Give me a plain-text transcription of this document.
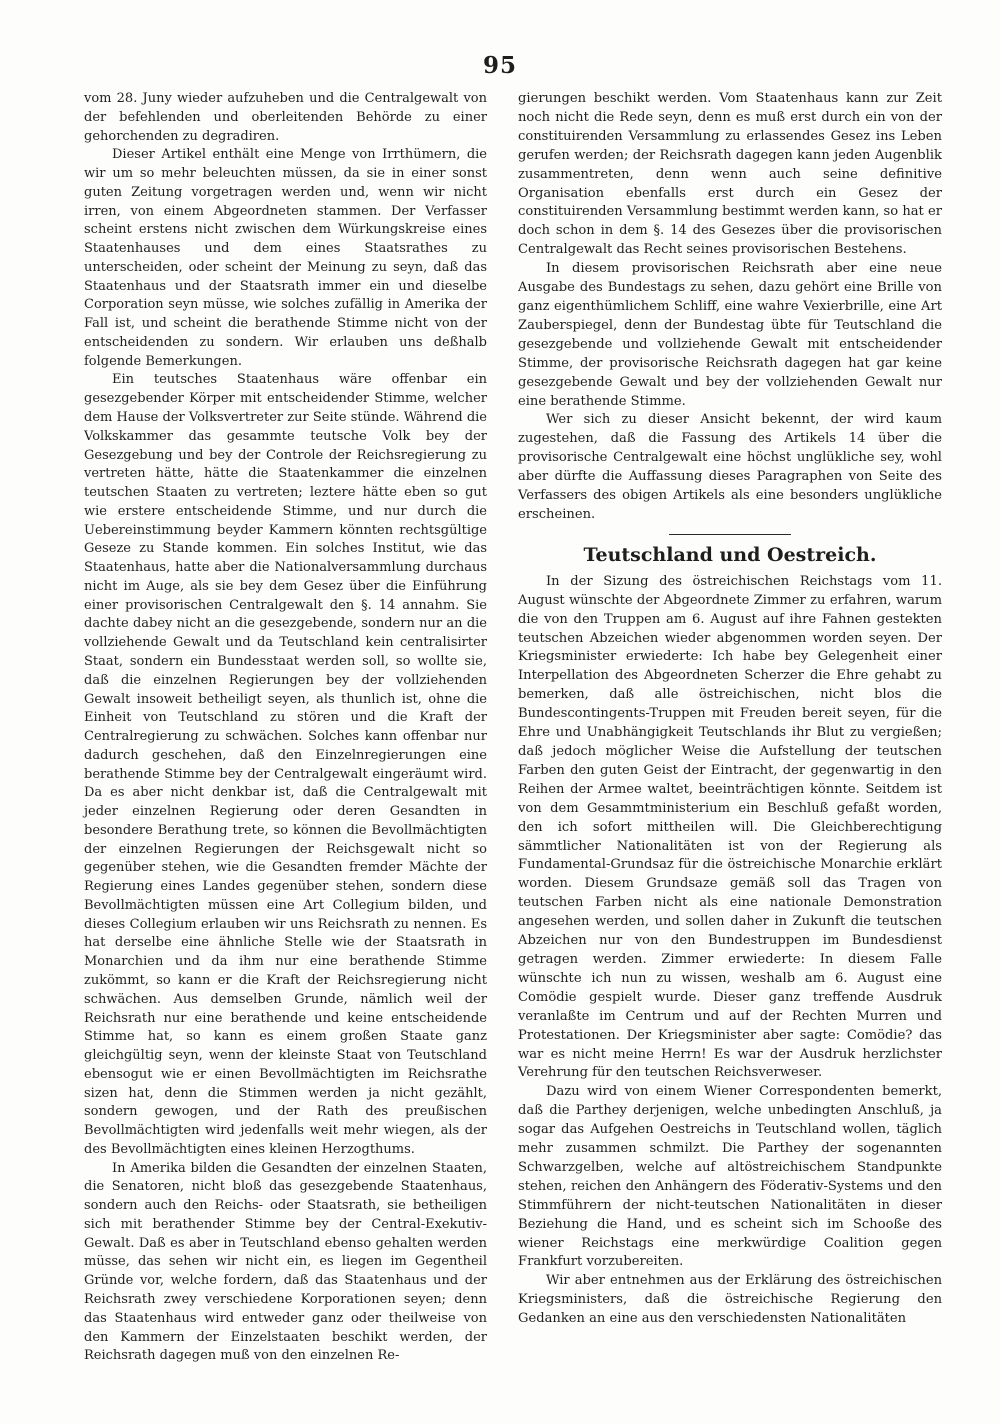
95

vom 28. Juny wieder aufzuheben und die Centralgewalt von der befehlenden und oberleitenden Behörde zu einer gehorchenden zu degradiren.

Dieser Artikel enthält eine Menge von Irrthümern, die wir um so mehr beleuchten müssen, da sie in einer sonst guten Zeitung vorgetragen werden und, wenn wir nicht irren, von einem Abgeordneten stammen. Der Verfasser scheint erstens nicht zwischen dem Würkungskreise eines Staatenhauses und dem eines Staatsrathes zu unterscheiden, oder scheint der Meinung zu seyn, daß das Staatenhaus und der Staatsrath immer ein und dieselbe Corporation seyn müsse, wie solches zufällig in Amerika der Fall ist, und scheint die berathende Stimme nicht von der entscheidenden zu sondern. Wir erlauben uns deßhalb folgende Bemerkungen.

Ein teutsches Staatenhaus wäre offenbar ein gesezgebender Körper mit entscheidender Stimme, welcher dem Hause der Volksvertreter zur Seite stünde. Während die Volkskammer das gesammte teutsche Volk bey der Gesezgebung und bey der Controle der Reichsregierung zu vertreten hätte, hätte die Staatenkammer die einzelnen teutschen Staaten zu vertreten; leztere hätte eben so gut wie erstere entscheidende Stimme, und nur durch die Uebereinstimmung beyder Kammern könnten rechtsgültige Geseze zu Stande kommen. Ein solches Institut, wie das Staatenhaus, hatte aber die Nationalversammlung durchaus nicht im Auge, als sie bey dem Gesez über die Einführung einer provisorischen Centralgewalt den §. 14 annahm. Sie dachte dabey nicht an die gesezgebende, sondern nur an die vollziehende Gewalt und da Teutschland kein centralisirter Staat, sondern ein Bundesstaat werden soll, so wollte sie, daß die einzelnen Regierungen bey der vollziehenden Gewalt insoweit betheiligt seyen, als thunlich ist, ohne die Einheit von Teutschland zu stören und die Kraft der Centralregierung zu schwächen. Solches kann offenbar nur dadurch geschehen, daß den Einzelnregierungen eine berathende Stimme bey der Centralgewalt eingeräumt wird. Da es aber nicht denkbar ist, daß die Centralgewalt mit jeder einzelnen Regierung oder deren Gesandten in besondere Berathung trete, so können die Bevollmächtigten der einzelnen Regierungen der Reichsgewalt nicht so gegenüber stehen, wie die Gesandten fremder Mächte der Regierung eines Landes gegenüber stehen, sondern diese Bevollmächtigten müssen eine Art Collegium bilden, und dieses Collegium erlauben wir uns Reichsrath zu nennen. Es hat derselbe eine ähnliche Stelle wie der Staatsrath in Monarchien und da ihm nur eine berathende Stimme zukömmt, so kann er die Kraft der Reichsregierung nicht schwächen. Aus demselben Grunde, nämlich weil der Reichsrath nur eine berathende und keine entscheidende Stimme hat, so kann es einem großen Staate ganz gleichgültig seyn, wenn der kleinste Staat von Teutschland ebensogut wie er einen Bevollmächtigten im Reichsrathe sizen hat, denn die Stimmen werden ja nicht gezählt, sondern gewogen, und der Rath des preußischen Bevollmächtigten wird jedenfalls weit mehr wiegen, als der des Bevollmächtigten eines kleinen Herzogthums.

In Amerika bilden die Gesandten der einzelnen Staaten, die Senatoren, nicht bloß das gesezgebende Staatenhaus, sondern auch den Reichs- oder Staatsrath, sie betheiligen sich mit berathender Stimme bey der Central-Exekutiv-Gewalt. Daß es aber in Teutschland ebenso gehalten werden müsse, das sehen wir nicht ein, es liegen im Gegentheil Gründe vor, welche fordern, daß das Staatenhaus und der Reichsrath zwey verschiedene Korporationen seyen; denn das Staatenhaus wird entweder ganz oder theilweise von den Kammern der Einzelstaaten beschikt werden, der Reichsrath dagegen muß von den einzelnen Re-

gierungen beschikt werden. Vom Staatenhaus kann zur Zeit noch nicht die Rede seyn, denn es muß erst durch ein von der constituirenden Versammlung zu erlassendes Gesez ins Leben gerufen werden; der Reichsrath dagegen kann jeden Augenblik zusammentreten, denn wenn auch seine definitive Organisation ebenfalls erst durch ein Gesez der constituirenden Versammlung bestimmt werden kann, so hat er doch schon in dem §. 14 des Gesezes über die provisorischen Centralgewalt das Recht seines provisorischen Bestehens.

In diesem provisorischen Reichsrath aber eine neue Ausgabe des Bundestags zu sehen, dazu gehört eine Brille von ganz eigenthümlichem Schliff, eine wahre Vexierbrille, eine Art Zauberspiegel, denn der Bundestag übte für Teutschland die gesezgebende und vollziehende Gewalt mit entscheidender Stimme, der provisorische Reichsrath dagegen hat gar keine gesezgebende Gewalt und bey der vollziehenden Gewalt nur eine berathende Stimme.

Wer sich zu dieser Ansicht bekennt, der wird kaum zugestehen, daß die Fassung des Artikels 14 über die provisorische Centralgewalt eine höchst unglükliche sey, wohl aber dürfte die Auffassung dieses Paragraphen von Seite des Verfassers des obigen Artikels als eine besonders unglükliche erscheinen.

Teutschland und Oestreich.

In der Sizung des östreichischen Reichstags vom 11. August wünschte der Abgeordnete Zimmer zu erfahren, warum die von den Truppen am 6. August auf ihre Fahnen gestekten teutschen Abzeichen wieder abgenommen worden seyen. Der Kriegsminister erwiederte: Ich habe bey Gelegenheit einer Interpellation des Abgeordneten Scherzer die Ehre gehabt zu bemerken, daß alle östreichischen, nicht blos die Bundescontingents-Truppen mit Freuden bereit seyen, für die Ehre und Unabhängigkeit Teutschlands ihr Blut zu vergießen; daß jedoch möglicher Weise die Aufstellung der teutschen Farben den guten Geist der Eintracht, der gegenwartig in den Reihen der Armee waltet, beeinträchtigen könnte. Seitdem ist von dem Gesammtministerium ein Beschluß gefaßt worden, den ich sofort mittheilen will. Die Gleichberechtigung sämmtlicher Nationalitäten ist von der Regierung als Fundamental-Grundsaz für die östreichische Monarchie erklärt worden. Diesem Grundsaze gemäß soll das Tragen von teutschen Farben nicht als eine nationale Demonstration angesehen werden, und sollen daher in Zukunft die teutschen Abzeichen nur von den Bundestruppen im Bundesdienst getragen werden. Zimmer erwiederte: In diesem Falle wünschte ich nun zu wissen, weshalb am 6. August eine Comödie gespielt wurde. Dieser ganz treffende Ausdruk veranlaßte im Centrum und auf der Rechten Murren und Protestationen. Der Kriegsminister aber sagte: Comödie? das war es nicht meine Herrn! Es war der Ausdruk herzlichster Verehrung für den teutschen Reichsverweser.

Dazu wird von einem Wiener Correspondenten bemerkt, daß die Parthey derjenigen, welche unbedingten Anschluß, ja sogar das Aufgehen Oestreichs in Teutschland wollen, täglich mehr zusammen schmilzt. Die Parthey der sogenannten Schwarzgelben, welche auf altöstreichischem Standpunkte stehen, reichen den Anhängern des Föderativ-Systems und den Stimmführern der nicht-teutschen Nationalitäten in dieser Beziehung die Hand, und es scheint sich im Schooße des wiener Reichstags eine merkwürdige Coalition gegen Frankfurt vorzubereiten.

Wir aber entnehmen aus der Erklärung des östreichischen Kriegsministers, daß die östreichische Regierung den Gedanken an eine aus den verschiedensten Nationalitäten
